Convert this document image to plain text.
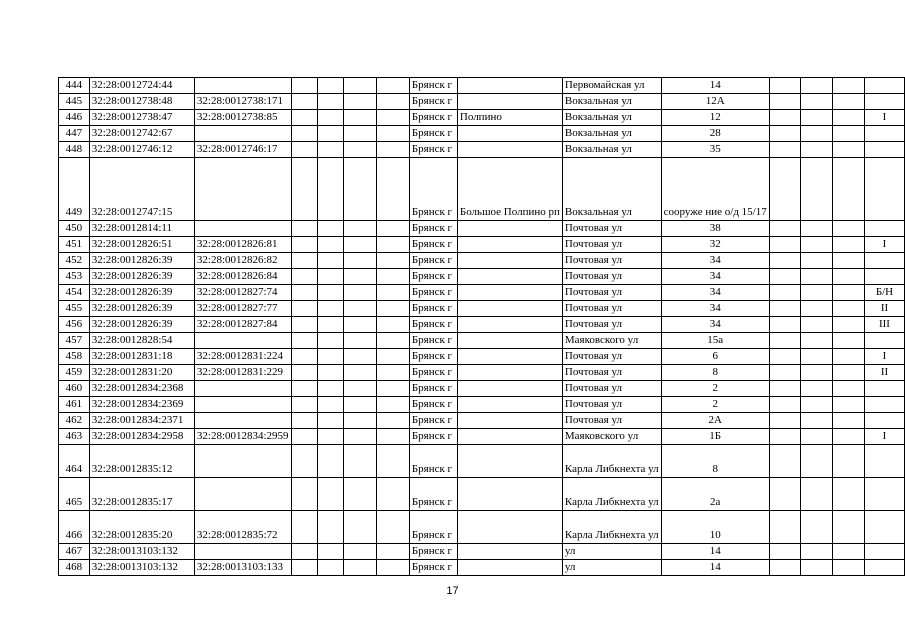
444	32:28:0012724:44						Брянск г		Первомайская ул	14				
445	32:28:0012738:48	32:28:0012738:171					Брянск г		Вокзальная ул	12А				
446	32:28:0012738:47	32:28:0012738:85					Брянск г	Полпино	Вокзальная ул	12				I
447	32:28:0012742:67						Брянск г		Вокзальная ул	28				
448	32:28:0012746:12	32:28:0012746:17					Брянск г		Вокзальная ул	35				
449	32:28:0012747:15						Брянск г	Большое Полпино рп	Вокзальная ул	сооруже ние о/д 15/17				
450	32:28:0012814:11						Брянск г		Почтовая ул	38				
451	32:28:0012826:51	32:28:0012826:81					Брянск г		Почтовая ул	32				I
452	32:28:0012826:39	32:28:0012826:82					Брянск г		Почтовая ул	34				
453	32:28:0012826:39	32:28:0012826:84					Брянск г		Почтовая ул	34				
454	32:28:0012826:39	32:28:0012827:74					Брянск г		Почтовая ул	34				Б/Н
455	32:28:0012826:39	32:28:0012827:77					Брянск г		Почтовая ул	34				II
456	32:28:0012826:39	32:28:0012827:84					Брянск г		Почтовая ул	34				III
457	32:28:0012828:54						Брянск г		Маяковского ул	15а				
458	32:28:0012831:18	32:28:0012831:224					Брянск г		Почтовая ул	6				I
459	32:28:0012831:20	32:28:0012831:229					Брянск г		Почтовая ул	8				II
460	32:28:0012834:2368						Брянск г		Почтовая ул	2				
461	32:28:0012834:2369						Брянск г		Почтовая ул	2				
462	32:28:0012834:2371						Брянск г		Почтовая ул	2А				
463	32:28:0012834:2958	32:28:0012834:2959					Брянск г		Маяковского ул	1Б				I
464	32:28:0012835:12						Брянск г		Карла Либкнехта ул	8				
465	32:28:0012835:17						Брянск г		Карла Либкнехта ул	2а				
466	32:28:0012835:20	32:28:0012835:72					Брянск г		Карла Либкнехта ул	10				
467	32:28:0013103:132						Брянск г		ул	14				
468	32:28:0013103:132	32:28:0013103:133					Брянск г		ул	14				
17
